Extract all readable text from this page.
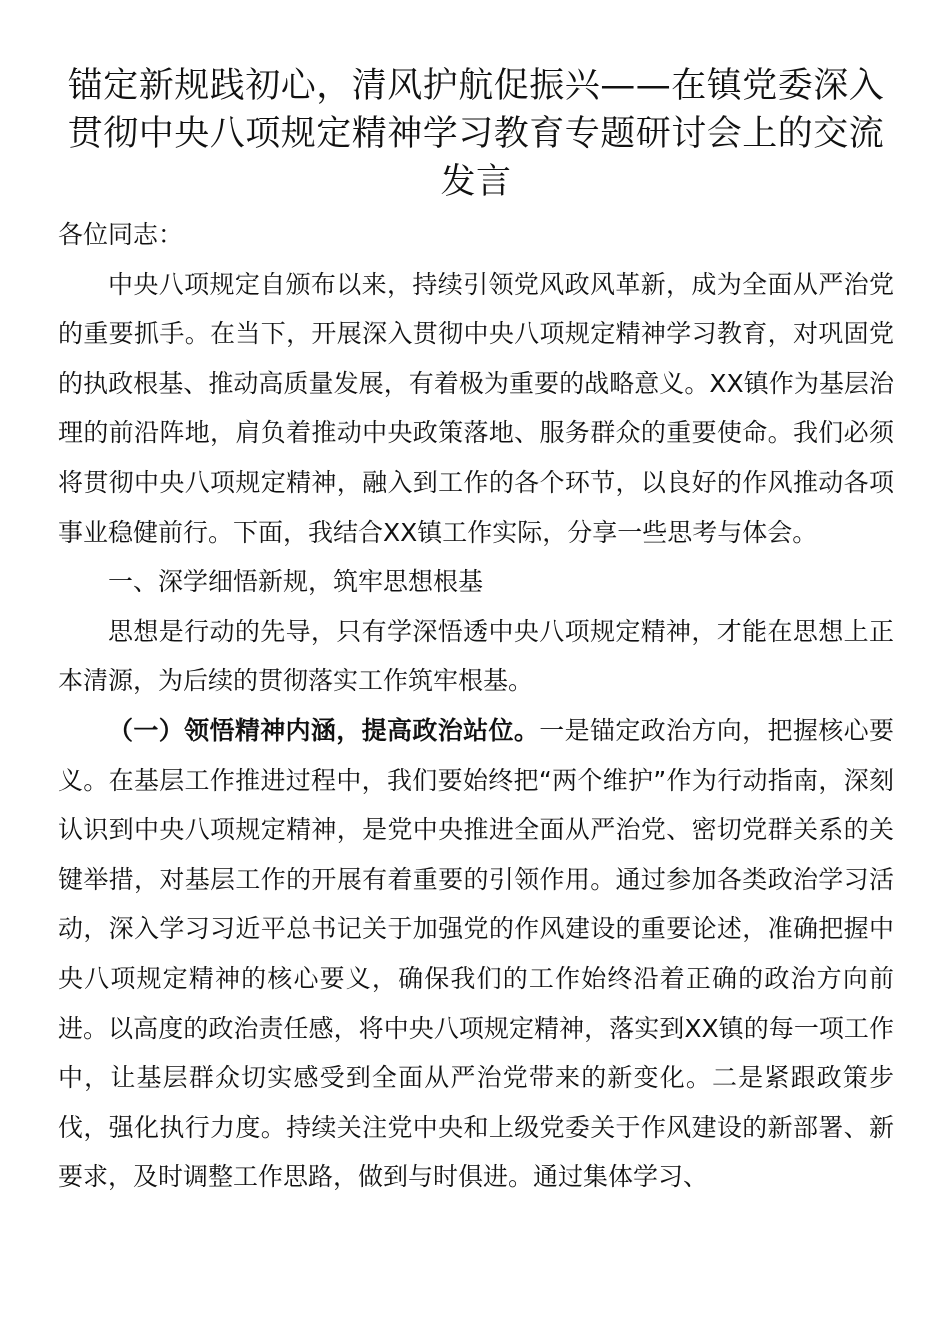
锚定新规践初心，清风护航促振兴——在镇党委深入贯彻中央八项规定精神学习教育专题研讨会上的交流发言

各位同志：

中央八项规定自颁布以来，持续引领党风政风革新，成为全面从严治党的重要抓手。在当下，开展深入贯彻中央八项规定精神学习教育，对巩固党的执政根基、推动高质量发展，有着极为重要的战略意义。XX镇作为基层治理的前沿阵地，肩负着推动中央政策落地、服务群众的重要使命。我们必须将贯彻中央八项规定精神，融入到工作的各个环节，以良好的作风推动各项事业稳健前行。下面，我结合XX镇工作实际，分享一些思考与体会。

一、深学细悟新规，筑牢思想根基

思想是行动的先导，只有学深悟透中央八项规定精神，才能在思想上正本清源，为后续的贯彻落实工作筑牢根基。

（一）领悟精神内涵，提高政治站位。一是锚定政治方向，把握核心要义。在基层工作推进过程中，我们要始终把“两个维护”作为行动指南，深刻认识到中央八项规定精神，是党中央推进全面从严治党、密切党群关系的关键举措，对基层工作的开展有着重要的引领作用。通过参加各类政治学习活动，深入学习习近平总书记关于加强党的作风建设的重要论述，准确把握中央八项规定精神的核心要义，确保我们的工作始终沿着正确的政治方向前进。以高度的政治责任感，将中央八项规定精神，落实到XX镇的每一项工作中，让基层群众切实感受到全面从严治党带来的新变化。二是紧跟政策步伐，强化执行力度。持续关注党中央和上级党委关于作风建设的新部署、新要求，及时调整工作思路，做到与时俱进。通过集体学习、
